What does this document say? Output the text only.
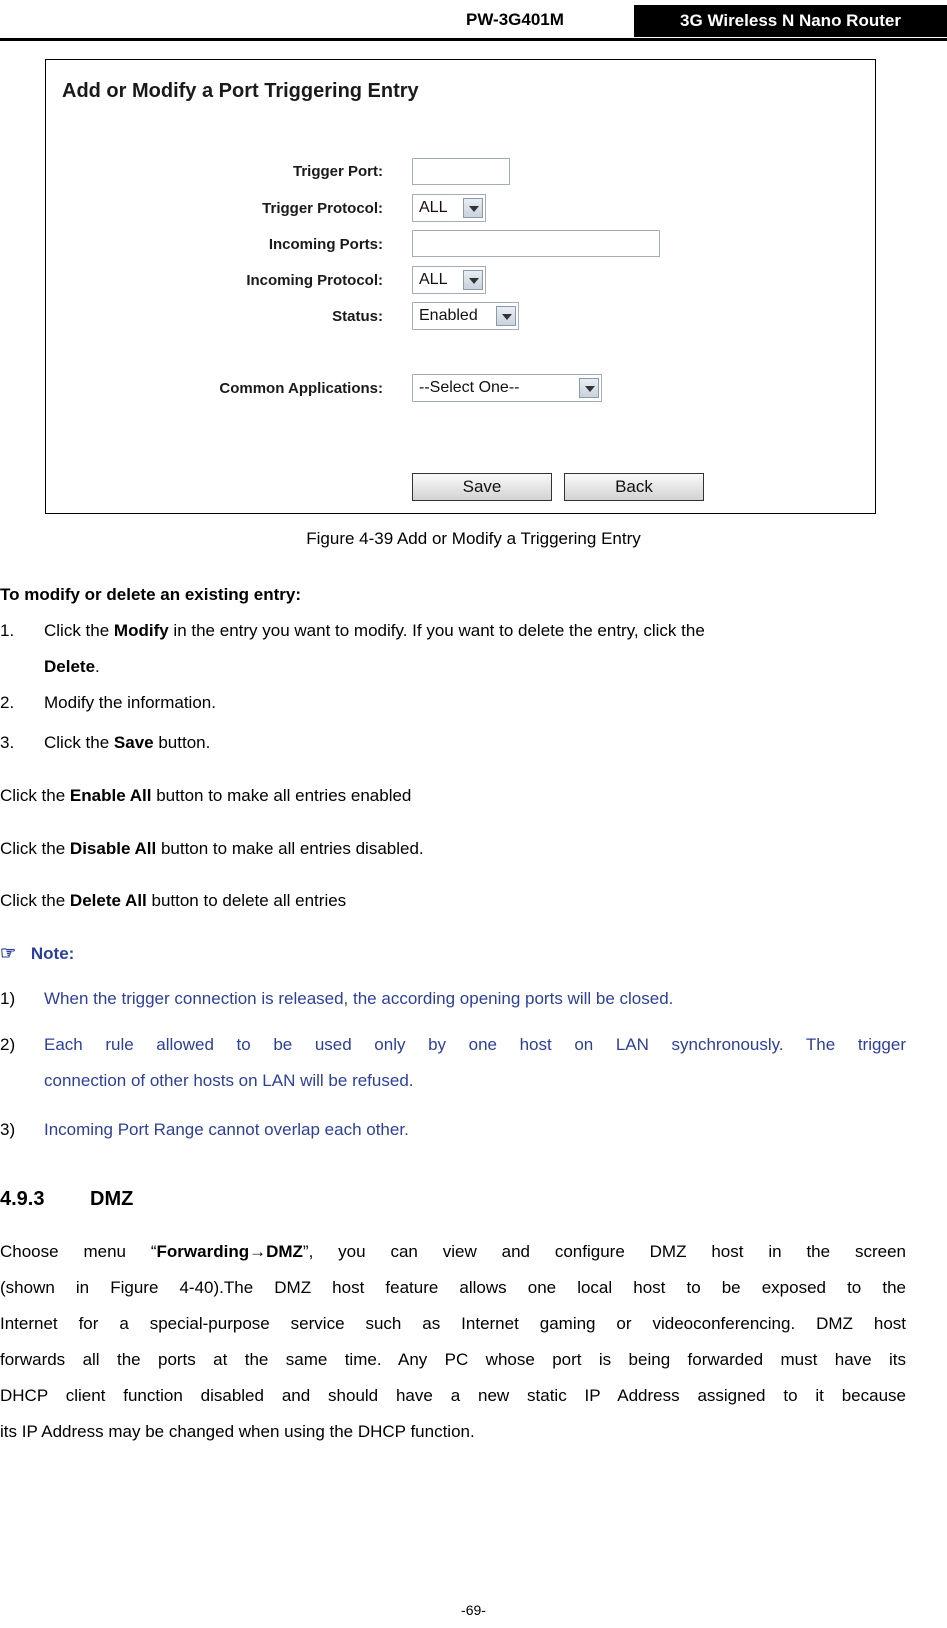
PW-3G401M	3G Wireless N Nano Router
Add or Modify a Port Triggering Entry
Trigger Port:
Trigger Protocol:	ALL
Incoming Ports:
Incoming Protocol:	ALL
Status:	Enabled
Common Applications:	--Select One--
Save	Back
Figure 4-39 Add or Modify a Triggering Entry
To modify or delete an existing entry:
1. Click the Modify in the entry you want to modify. If you want to delete the entry, click the
Delete.
2. Modify the information.
3. Click the Save button.
Click the Enable All button to make all entries enabled
Click the Disable All button to make all entries disabled.
Click the Delete All button to delete all entries
☞ Note:
1) When the trigger connection is released, the according opening ports will be closed.
2) Each rule allowed to be used only by one host on LAN synchronously. The trigger
connection of other hosts on LAN will be refused.
3) Incoming Port Range cannot overlap each other.
4.9.3 DMZ
Choose menu “Forwarding→DMZ”, you can view and configure DMZ host in the screen
(shown in Figure 4-40).The DMZ host feature allows one local host to be exposed to the
Internet for a special-purpose service such as Internet gaming or videoconferencing. DMZ host
forwards all the ports at the same time. Any PC whose port is being forwarded must have its
DHCP client function disabled and should have a new static IP Address assigned to it because
its IP Address may be changed when using the DHCP function.
-69-
